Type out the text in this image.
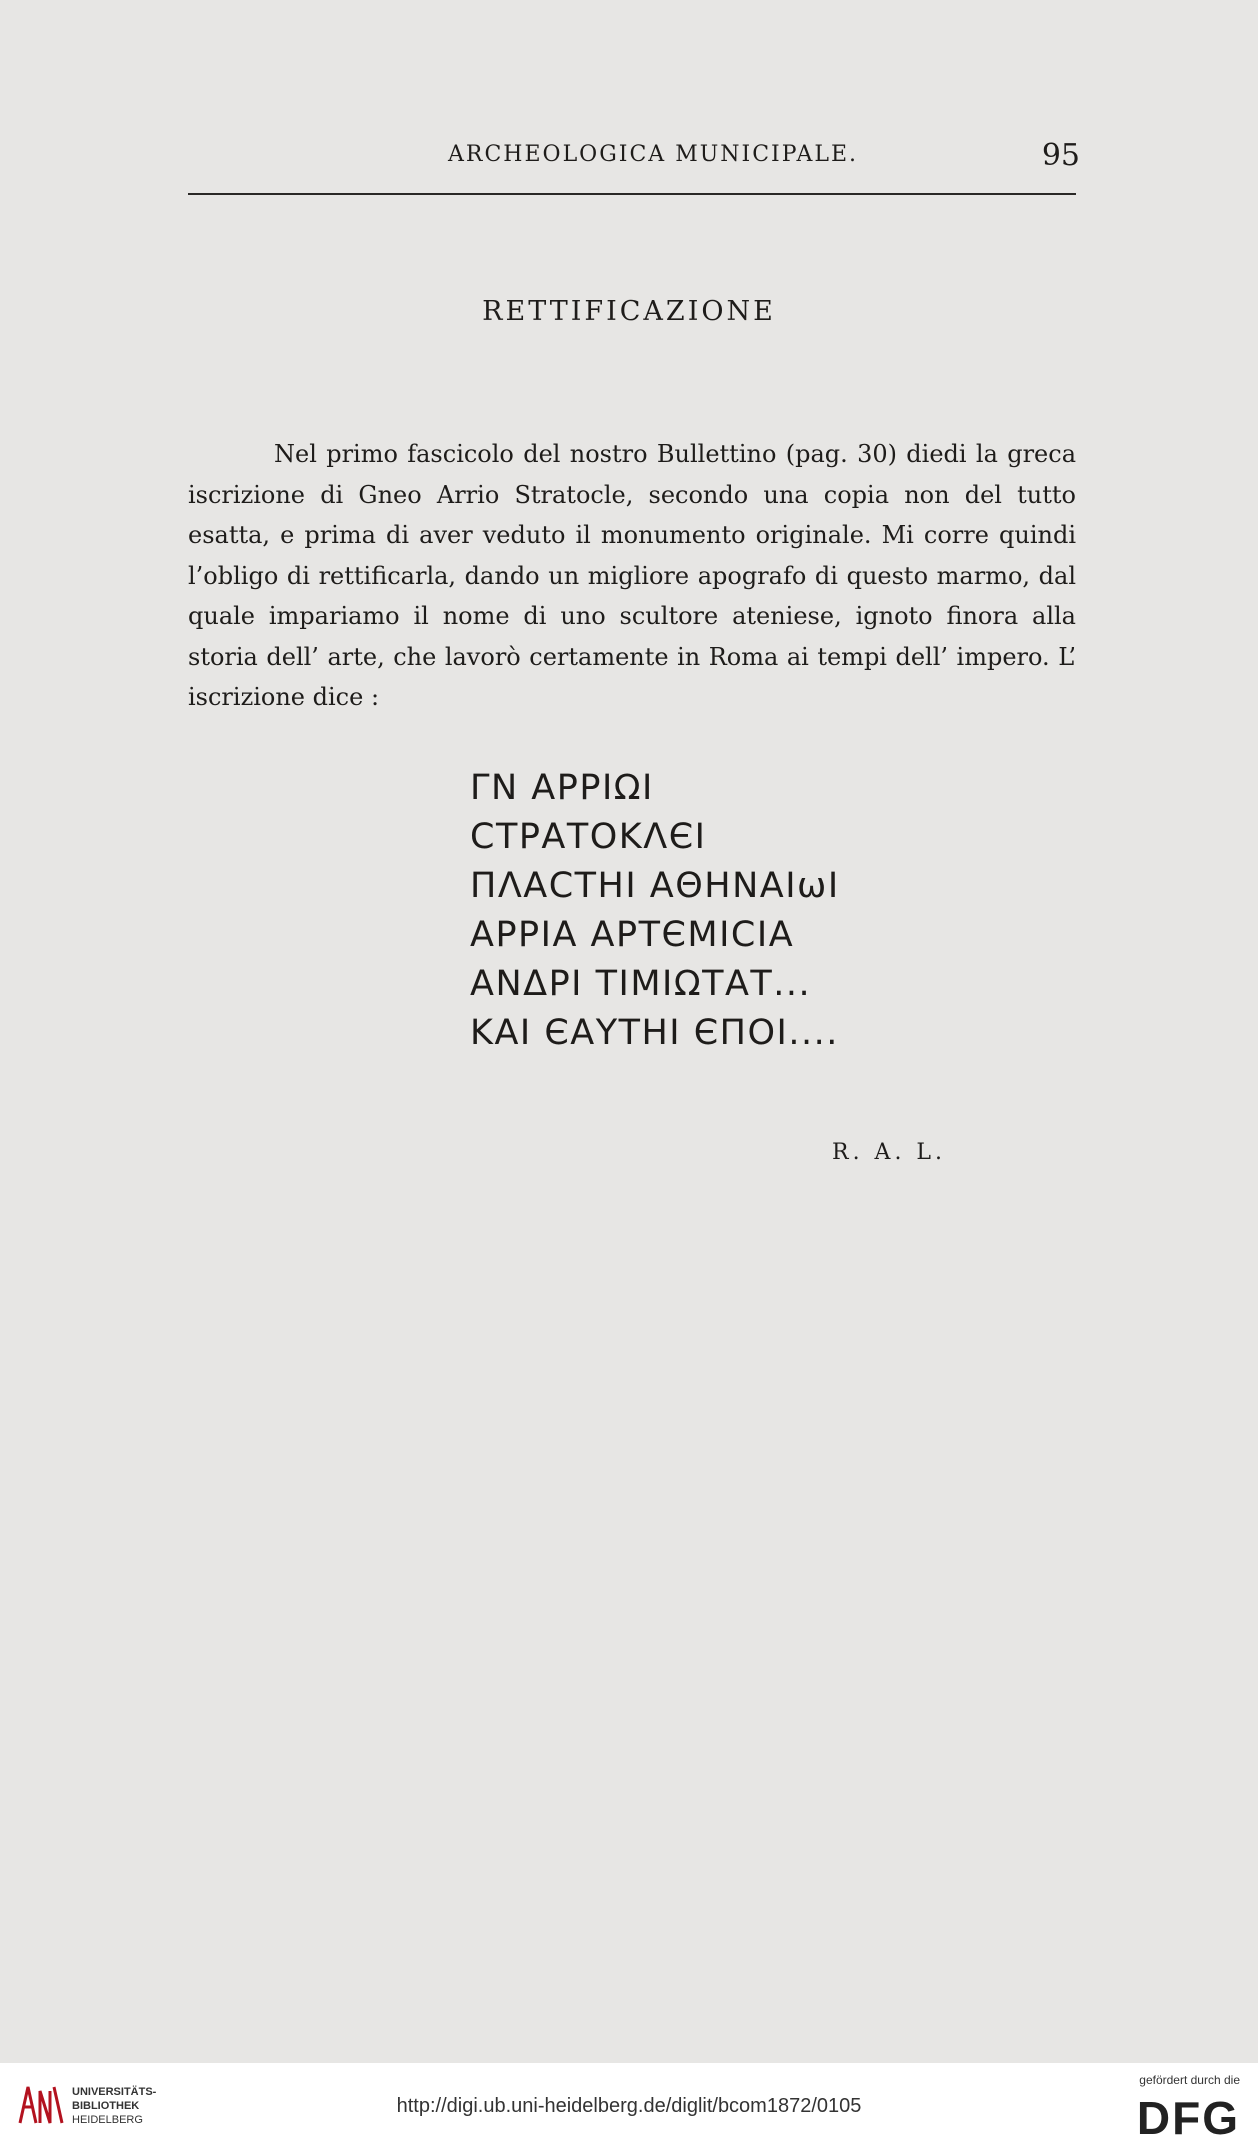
ARCHEOLOGICA MUNICIPALE.	95
RETTIFICAZIONE

Nel primo fascicolo del nostro Bullettino (pag. 30) diedi la greca iscrizione di Gneo Arrio Stratocle, secondo una copia non del tutto esatta, e prima di aver veduto il monumento originale. Mi corre quindi l’obligo di rettificarla, dando un migliore apografo di questo marmo, dal quale impariamo il nome di uno scultore ateniese, ignoto finora alla storia dell’ arte, che lavorò certamente in Roma ai tempi dell’ impero. L’ iscrizione dice :

ΓΝ ΑΡΡΙΩΙ
CΤΡΑΤΟΚΛЄΙ
ΠΛΑCΤΗΙ ΑΘΗΝΑΙωΙ
ΑΡΡΙΑ ΑΡΤЄΜΙCΙΑ
ΑΝΔΡΙ ΤΙΜΙΩΤΑΤ...
ΚΑΙ ЄΑΥΤΗΙ ЄΠΟΙ....
R. A. L.
UNIVERSITÄTS-
BIBLIOTHEK
HEIDELBERG
http://digi.ub.uni-heidelberg.de/diglit/bcom1872/0105
gefördert durch die
DFG
